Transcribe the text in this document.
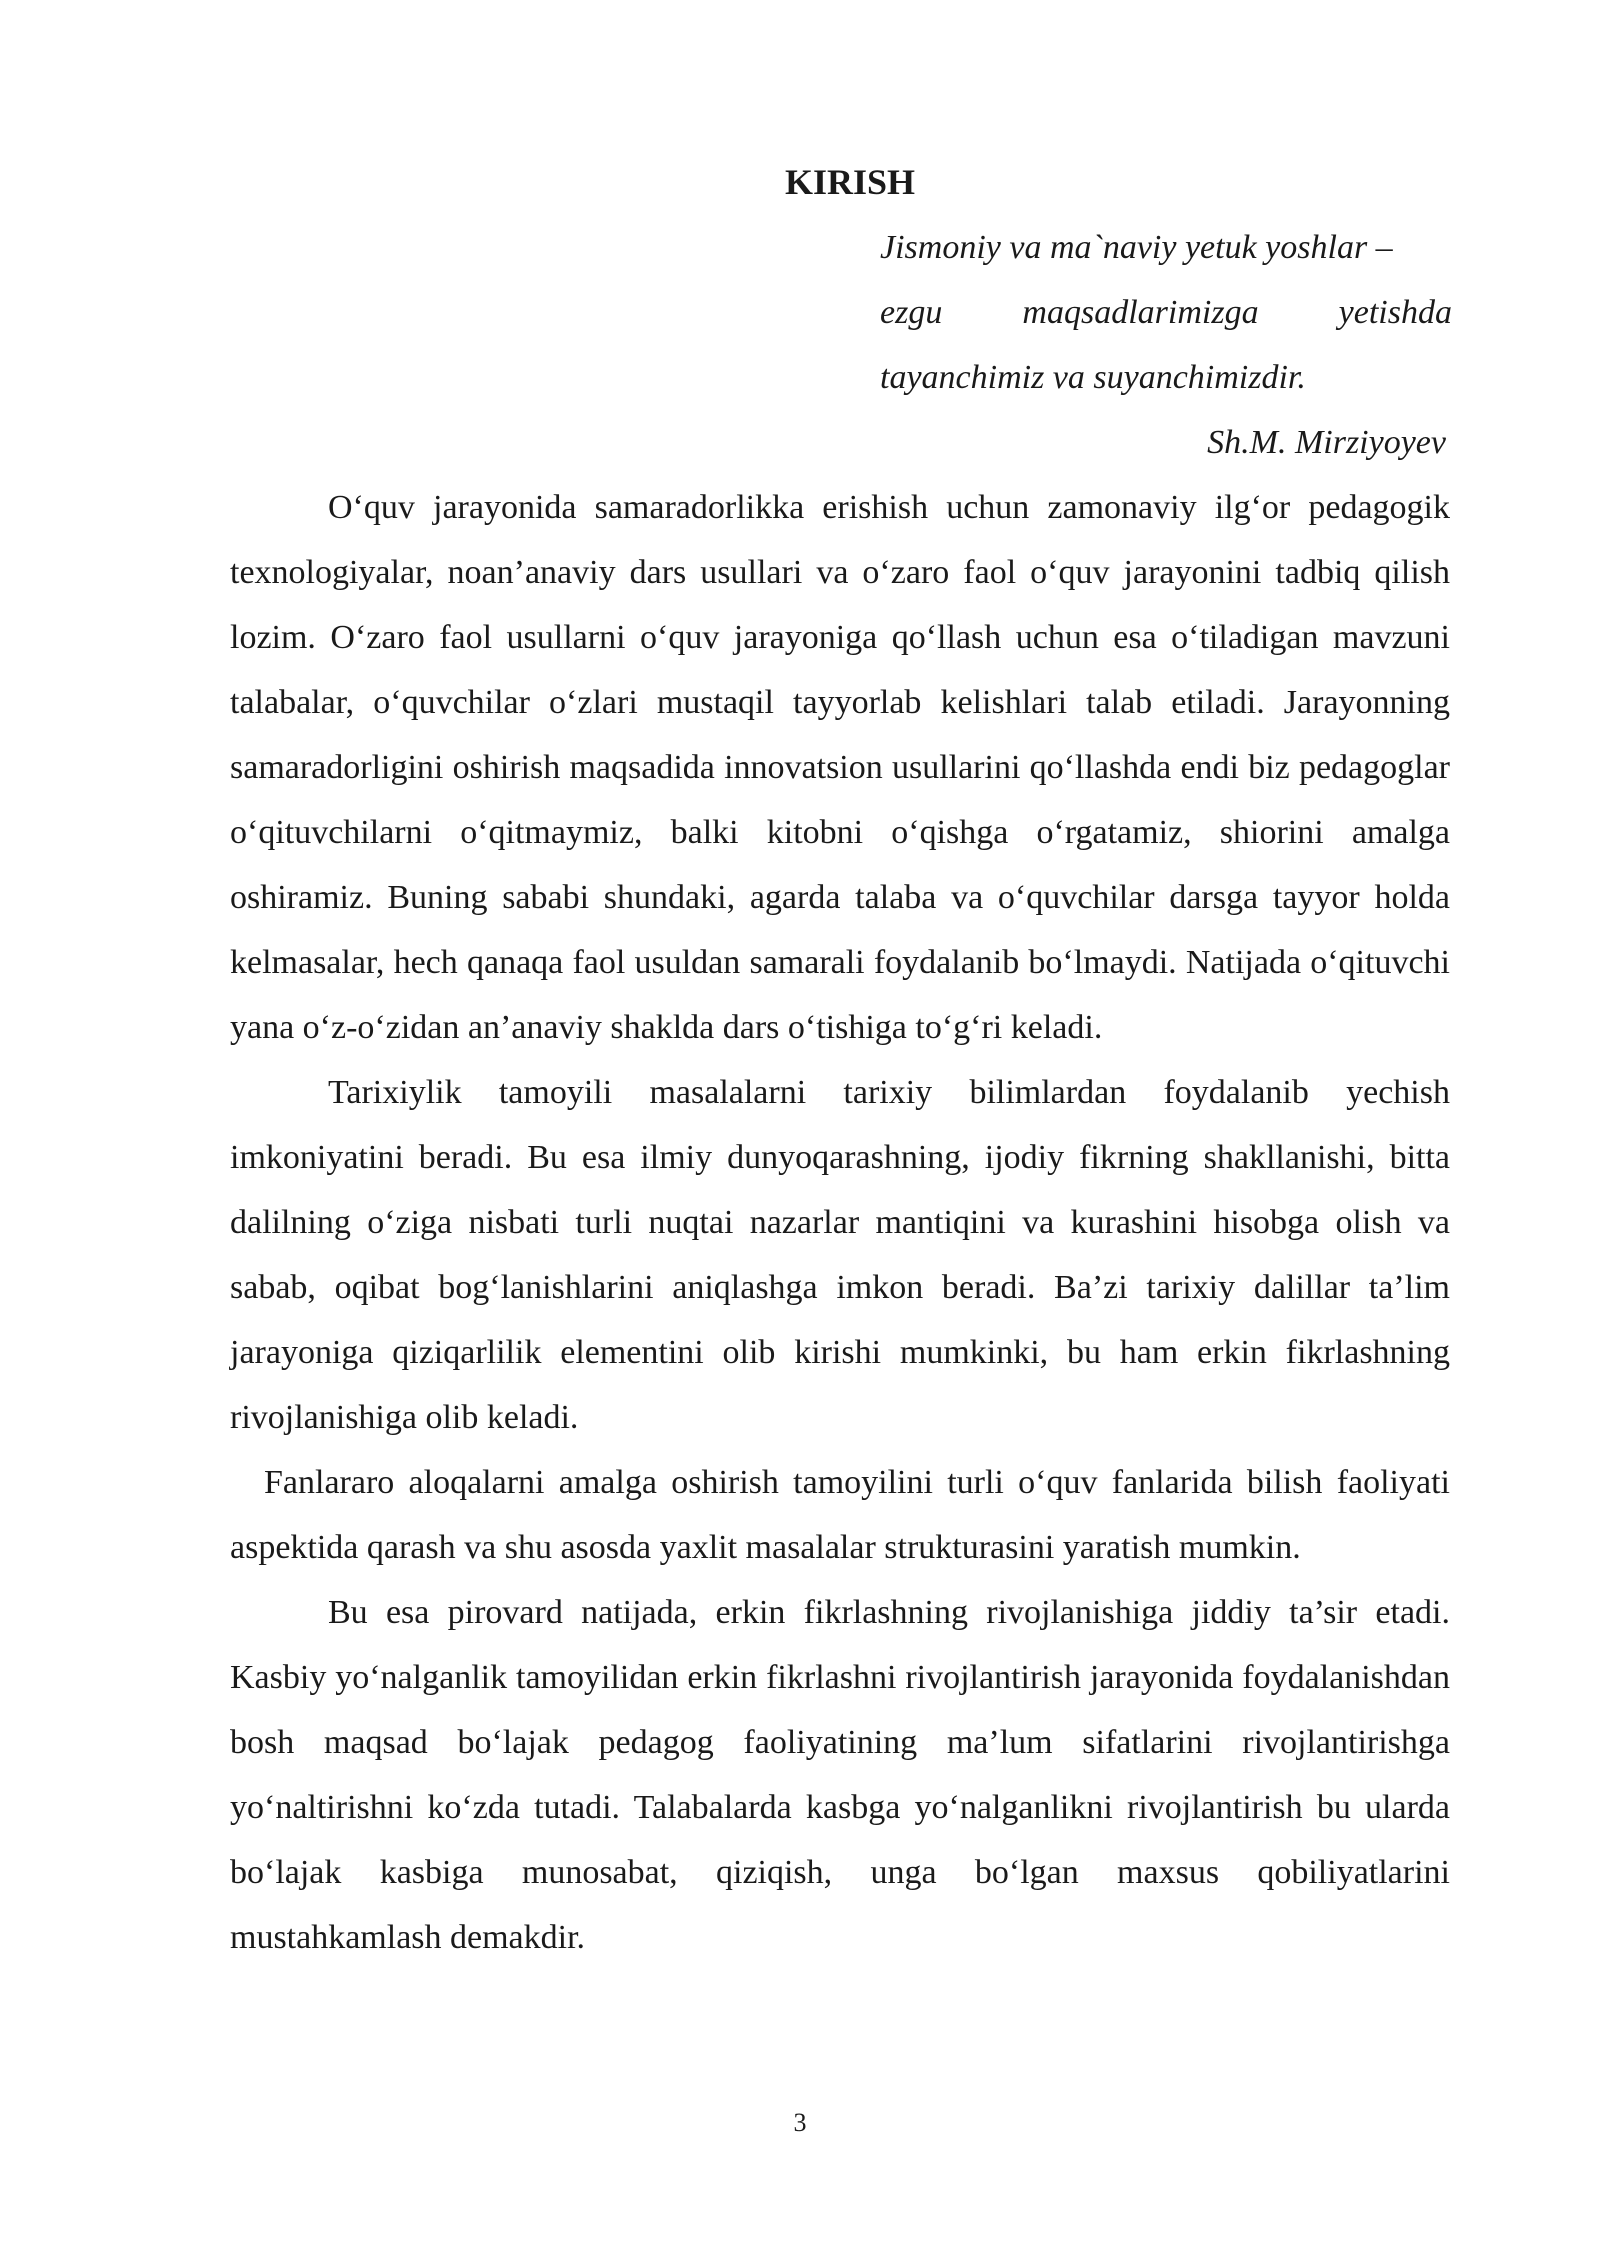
KIRISH
Jismoniy va ma`naviy yetuk yoshlar –
ezgu maqsadlarimizga yetishda
tayanchimiz va suyanchimizdir.

Sh.M. Mirziyoyev

O‘quv jarayonida samaradorlikka erishish uchun zamonaviy ilg‘or pedagogik texnologiyalar, noan’anaviy dars usullari va o‘zaro faol o‘quv jarayonini tadbiq qilish lozim. O‘zaro faol usullarni o‘quv jarayoniga qo‘llash uchun esa o‘tiladigan mavzuni talabalar, o‘quvchilar o‘zlari mustaqil tayyorlab kelishlari talab etiladi. Jarayonning samaradorligini oshirish maqsadida innovatsion usullarini qo‘llashda endi biz pedagoglar o‘qituvchilarni o‘qitmaymiz, balki kitobni o‘qishga o‘rgatamiz, shiorini amalga oshiramiz. Buning sababi shundaki, agarda talaba va o‘quvchilar darsga tayyor holda kelmasalar, hech qanaqa faol usuldan samarali foydalanib bo‘lmaydi. Natijada o‘qituvchi yana o‘z-o‘zidan an’anaviy shaklda dars o‘tishiga to‘g‘ri keladi.

Tarixiylik tamoyili masalalarni tarixiy bilimlardan foydalanib yechish imkoniyatini beradi. Bu esa ilmiy dunyoqarashning, ijodiy fikrning shakllanishi, bitta dalilning o‘ziga nisbati turli nuqtai nazarlar mantiqini va kurashini hisobga olish va sabab, oqibat bog‘lanishlarini aniqlashga imkon beradi. Ba’zi tarixiy dalillar ta’lim jarayoniga qiziqarlilik elementini olib kirishi mumkinki, bu ham erkin fikrlashning rivojlanishiga olib keladi.

Fanlararo aloqalarni amalga oshirish tamoyilini turli o‘quv fanlarida bilish faoliyati aspektida qarash va shu asosda yaxlit masalalar strukturasini yaratish mumkin.

Bu esa pirovard natijada, erkin fikrlashning rivojlanishiga jiddiy ta’sir etadi. Kasbiy yo‘nalganlik tamoyilidan erkin fikrlashni rivojlantirish jarayonida foydalanishdan bosh maqsad bo‘lajak pedagog faoliyatining ma’lum sifatlarini rivojlantirishga yo‘naltirishni ko‘zda tutadi. Talabalarda kasbga yo‘nalganlikni rivojlantirish bu ularda bo‘lajak kasbiga munosabat, qiziqish, unga bo‘lgan maxsus qobiliyatlarini mustahkamlash demakdir.

3
